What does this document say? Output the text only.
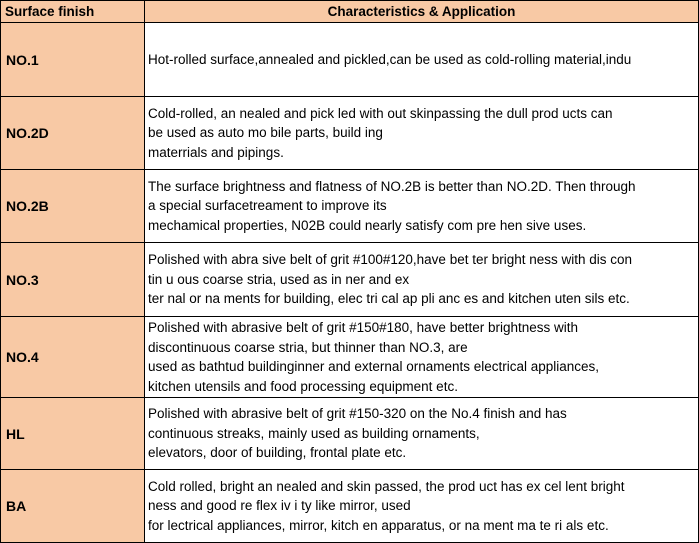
Surface finish	Characteristics & Application
NO.1	Hot-rolled surface,annealed and pickled,can be used as cold-rolling material,indu

NO.2D	Cold-rolled, an nealed and pick led with out skinpassing the dull prod ucts can
be used as auto mo bile parts, build ing
materrials and pipings.

NO.2B	The surface brightness and flatness of NO.2B is better than NO.2D. Then through
a special surfacetreament to improve its
mechamical properties, N02B could nearly satisfy com pre hen sive uses.

NO.3	Polished with abra sive belt of grit #100#120,have bet ter bright ness with dis con
tin u ous coarse stria, used as in ner and ex
ter nal or na ments for building, elec tri cal ap pli anc es and kitchen uten sils etc.

NO.4	Polished with abrasive belt of grit #150#180, have better brightness with
discontinuous coarse stria, but thinner than NO.3, are
used as bathtud buildinginner and external ornaments electrical appliances,
kitchen utensils and food processing equipment etc.

HL	Polished with abrasive belt of grit #150-320 on the No.4 finish and has
continuous streaks, mainly used as building ornaments,
elevators, door of building, frontal plate etc.

BA	Cold rolled, bright an nealed and skin passed, the prod uct has ex cel lent bright
ness and good re flex iv i ty like mirror, used
for lectrical appliances, mirror, kitch en apparatus, or na ment ma te ri als etc.
